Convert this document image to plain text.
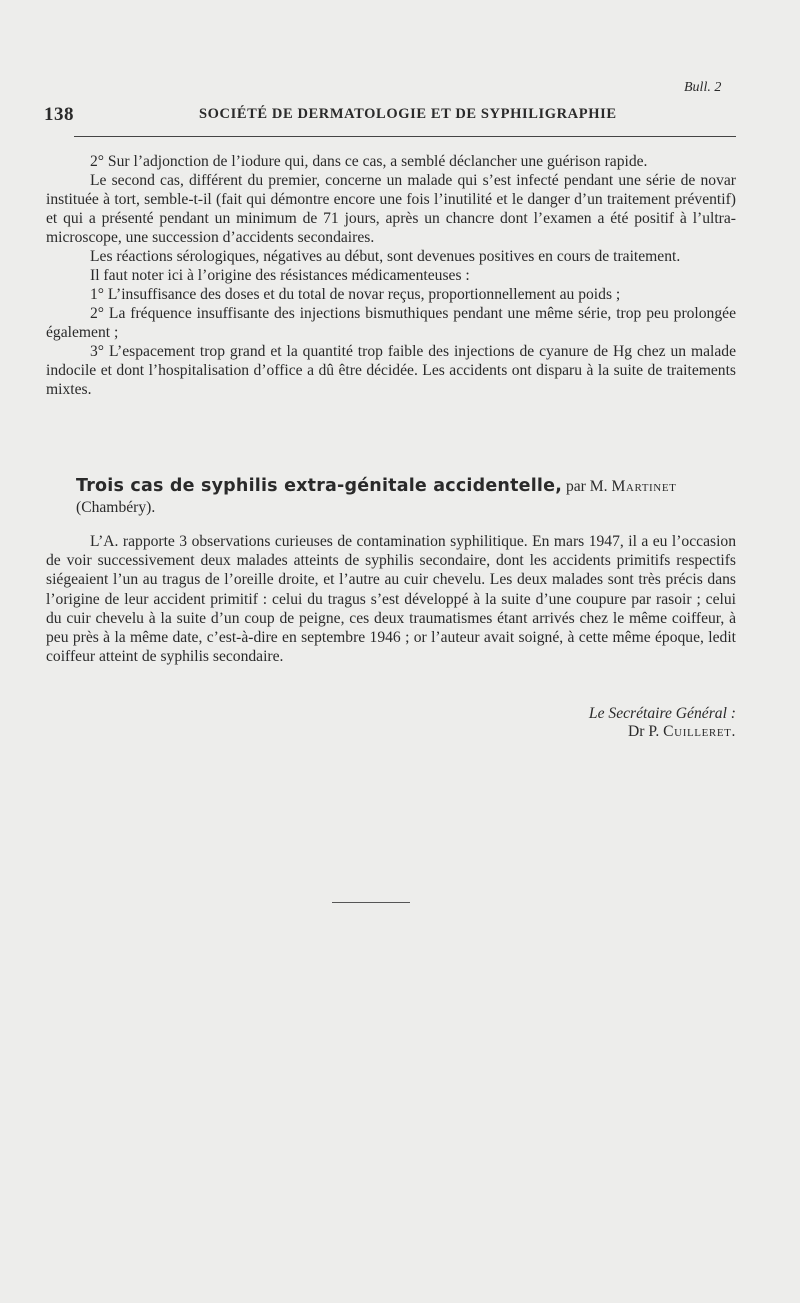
Bull. 2
138	SOCIÉTÉ DE DERMATOLOGIE ET DE SYPHILIGRAPHIE

2° Sur l’adjonction de l’iodure qui, dans ce cas, a semblé déclancher une guérison rapide.

Le second cas, différent du premier, concerne un malade qui s’est infecté pendant une série de novar instituée à tort, semble-t-il (fait qui démontre encore une fois l’inutilité et le danger d’un traitement préventif) et qui a présenté pendant un minimum de 71 jours, après un chancre dont l’examen a été positif à l’ultra-microscope, une succession d’accidents secondaires.

Les réactions sérologiques, négatives au début, sont devenues positives en cours de traitement.

Il faut noter ici à l’origine des résistances médicamenteuses :

1° L’insuffisance des doses et du total de novar reçus, proportionnellement au poids ;

2° La fréquence insuffisante des injections bismuthiques pendant une même série, trop peu prolongée également ;

3° L’espacement trop grand et la quantité trop faible des injections de cyanure de Hg chez un malade indocile et dont l’hospitalisation d’office a dû être décidée. Les accidents ont disparu à la suite de traitements mixtes.

Trois cas de syphilis extra-génitale accidentelle, par M. Martinet
(Chambéry).

L’A. rapporte 3 observations curieuses de contamination syphilitique. En mars 1947, il a eu l’occasion de voir successivement deux malades atteints de syphilis secondaire, dont les accidents primitifs respectifs siégeaient l’un au tragus de l’oreille droite, et l’autre au cuir chevelu. Les deux malades sont très précis dans l’origine de leur accident primitif : celui du tragus s’est développé à la suite d’une coupure par rasoir ; celui du cuir chevelu à la suite d’un coup de peigne, ces deux traumatismes étant arrivés chez le même coiffeur, à peu près à la même date, c’est-à-dire en septembre 1946 ; or l’auteur avait soigné, à cette même époque, ledit coiffeur atteint de syphilis secondaire.

Le Secrétaire Général :
Dr P. Cuilleret.
